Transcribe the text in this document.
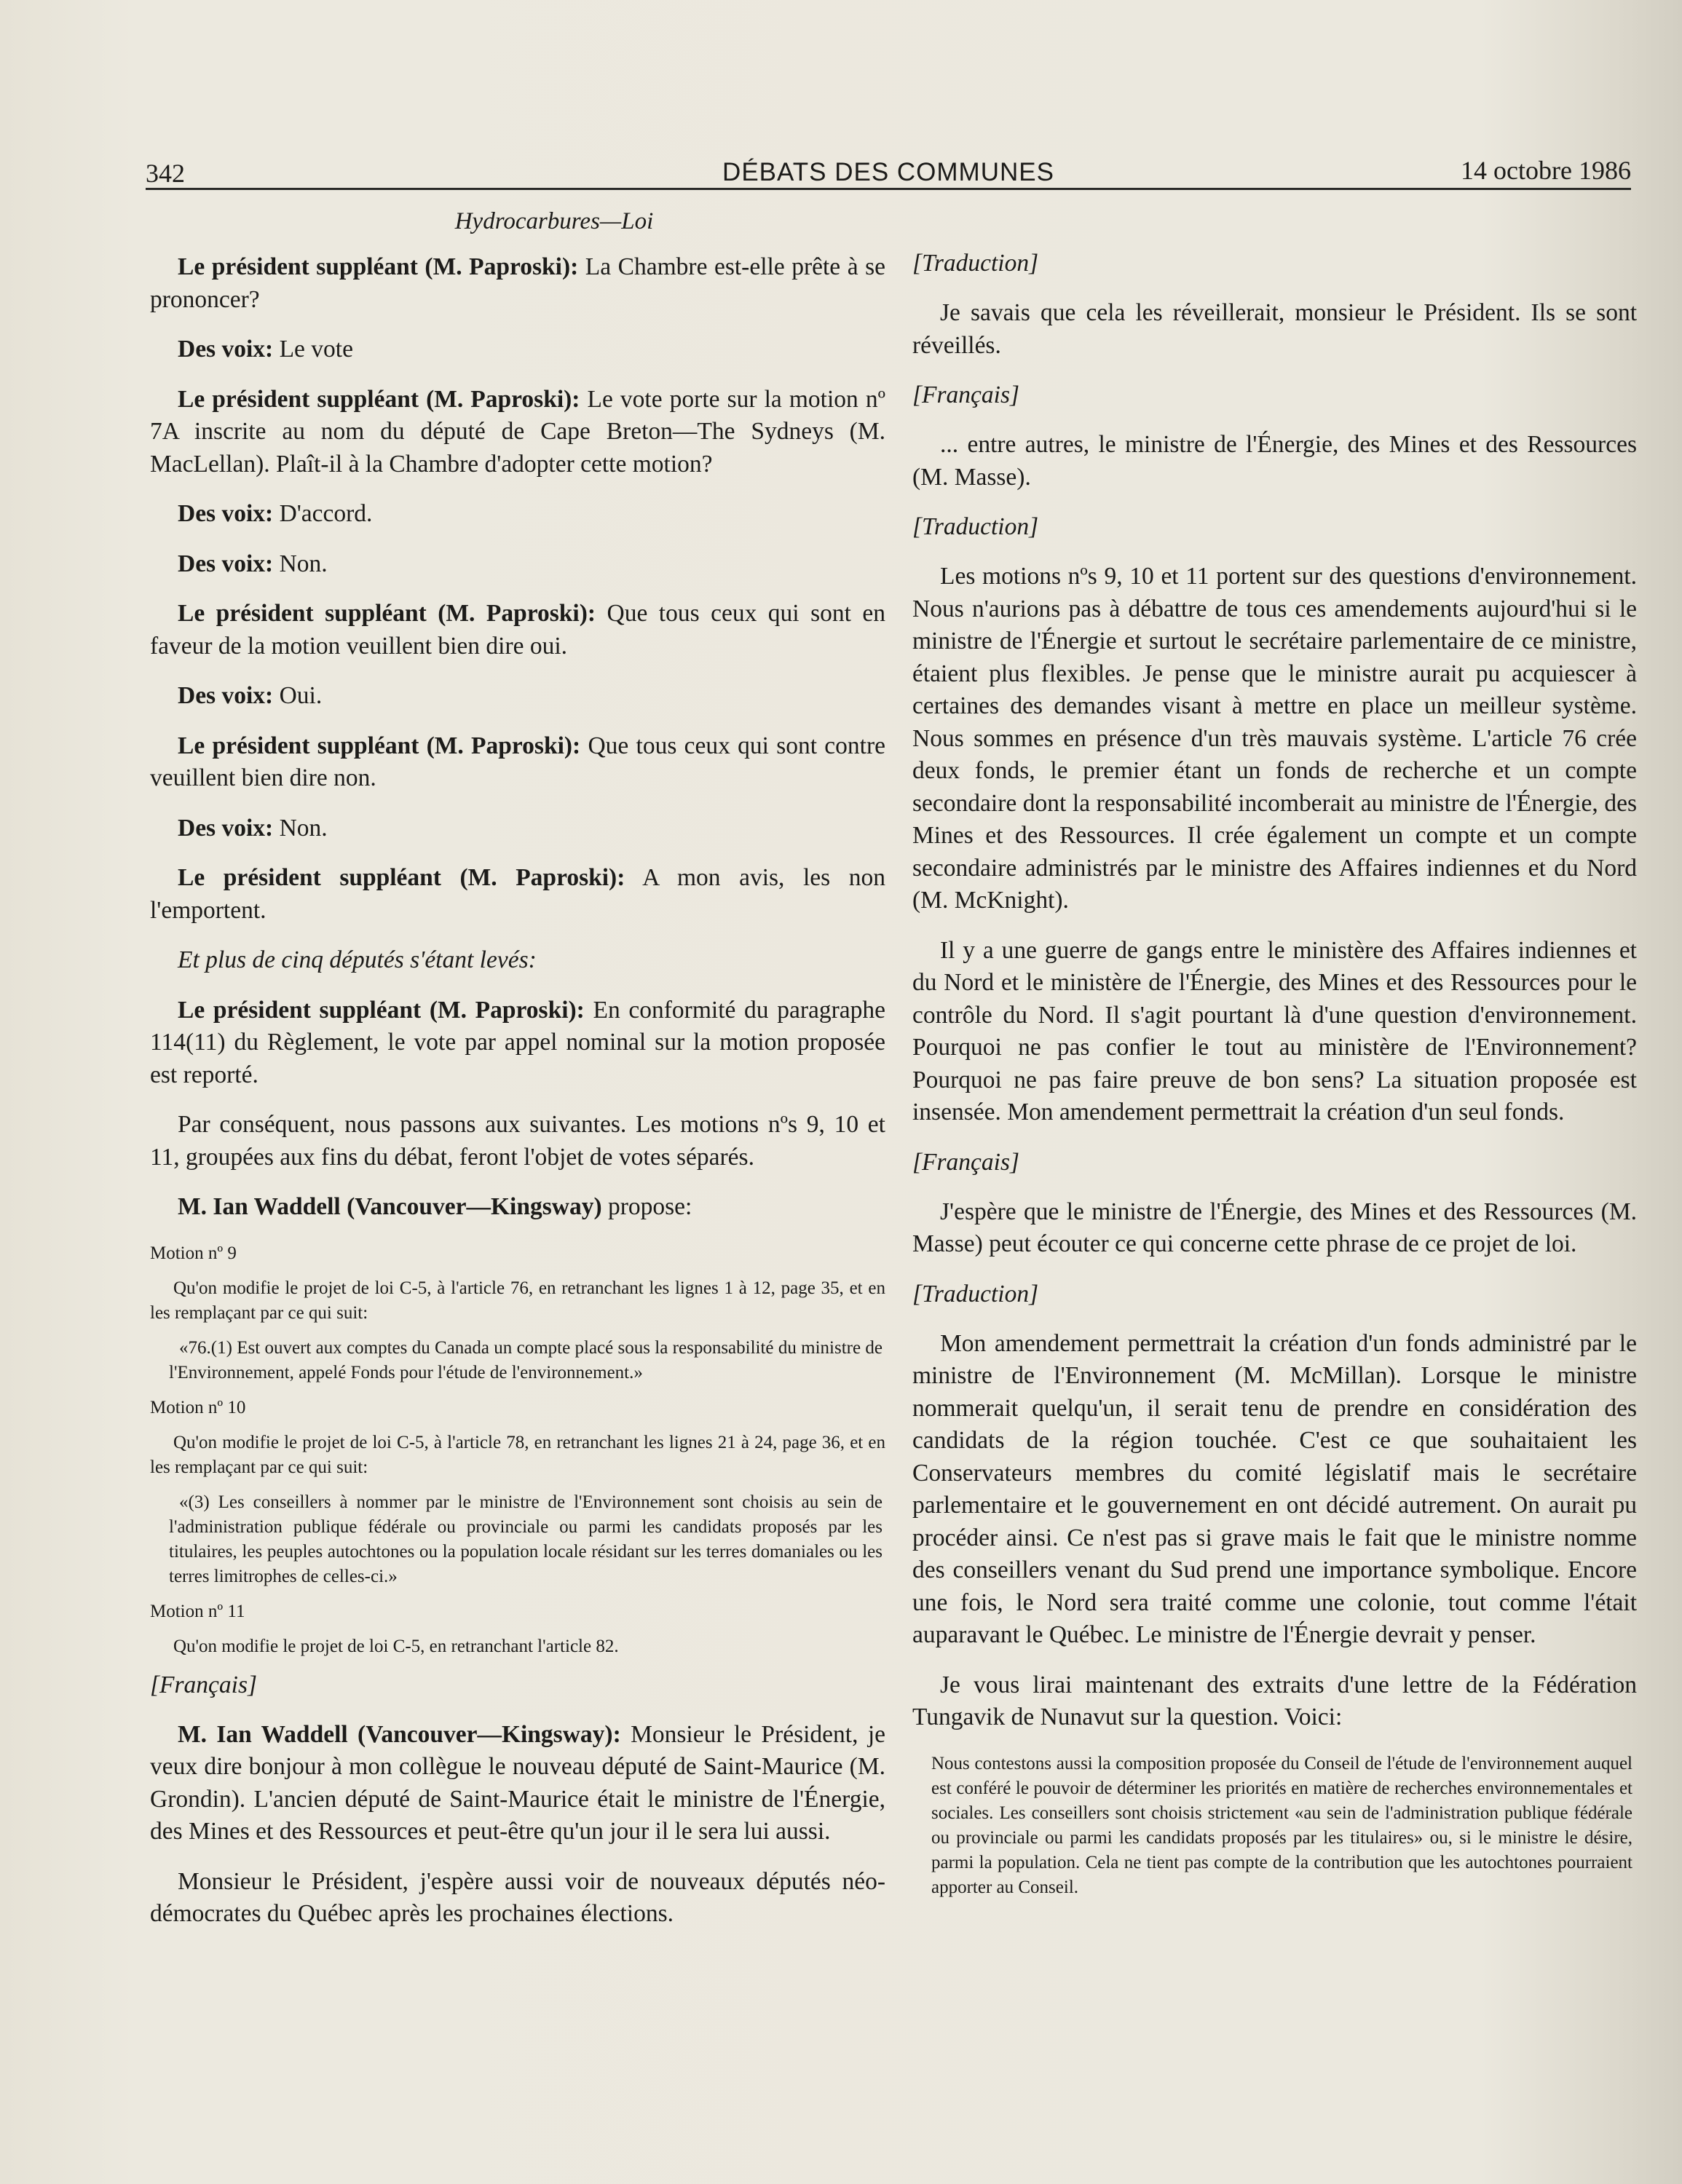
342	DÉBATS DES COMMUNES	14 octobre 1986
Hydrocarbures—Loi

Le président suppléant (M. Paproski): La Chambre est-elle prête à se prononcer?

Des voix: Le vote

Le président suppléant (M. Paproski): Le vote porte sur la motion nº 7A inscrite au nom du député de Cape Breton—The Sydneys (M. MacLellan). Plaît-il à la Chambre d'adopter cette motion?

Des voix: D'accord.

Des voix: Non.

Le président suppléant (M. Paproski): Que tous ceux qui sont en faveur de la motion veuillent bien dire oui.

Des voix: Oui.

Le président suppléant (M. Paproski): Que tous ceux qui sont contre veuillent bien dire non.

Des voix: Non.

Le président suppléant (M. Paproski): A mon avis, les non l'emportent.

Et plus de cinq députés s'étant levés:

Le président suppléant (M. Paproski): En conformité du paragraphe 114(11) du Règlement, le vote par appel nominal sur la motion proposée est reporté.

Par conséquent, nous passons aux suivantes. Les motions nºs 9, 10 et 11, groupées aux fins du débat, feront l'objet de votes séparés.

M. Ian Waddell (Vancouver—Kingsway) propose:

Motion nº 9

Qu'on modifie le projet de loi C-5, à l'article 76, en retranchant les lignes 1 à 12, page 35, et en les remplaçant par ce qui suit:

«76.(1) Est ouvert aux comptes du Canada un compte placé sous la responsabilité du ministre de l'Environnement, appelé Fonds pour l'étude de l'environnement.»

Motion nº 10

Qu'on modifie le projet de loi C-5, à l'article 78, en retranchant les lignes 21 à 24, page 36, et en les remplaçant par ce qui suit:

«(3) Les conseillers à nommer par le ministre de l'Environnement sont choisis au sein de l'administration publique fédérale ou provinciale ou parmi les candidats proposés par les titulaires, les peuples autochtones ou la population locale résidant sur les terres domaniales ou les terres limitrophes de celles-ci.»

Motion nº 11

Qu'on modifie le projet de loi C-5, en retranchant l'article 82.

[Français]

M. Ian Waddell (Vancouver—Kingsway): Monsieur le Président, je veux dire bonjour à mon collègue le nouveau député de Saint-Maurice (M. Grondin). L'ancien député de Saint-Maurice était le ministre de l'Énergie, des Mines et des Ressources et peut-être qu'un jour il le sera lui aussi.

Monsieur le Président, j'espère aussi voir de nouveaux députés néo-démocrates du Québec après les prochaines élections.

[Traduction]

Je savais que cela les réveillerait, monsieur le Président. Ils se sont réveillés.

[Français]

... entre autres, le ministre de l'Énergie, des Mines et des Ressources (M. Masse).

[Traduction]

Les motions nºs 9, 10 et 11 portent sur des questions d'environnement. Nous n'aurions pas à débattre de tous ces amendements aujourd'hui si le ministre de l'Énergie et surtout le secrétaire parlementaire de ce ministre, étaient plus flexibles. Je pense que le ministre aurait pu acquiescer à certaines des demandes visant à mettre en place un meilleur système. Nous sommes en présence d'un très mauvais système. L'article 76 crée deux fonds, le premier étant un fonds de recherche et un compte secondaire dont la responsabilité incomberait au ministre de l'Énergie, des Mines et des Ressources. Il crée également un compte et un compte secondaire administrés par le ministre des Affaires indiennes et du Nord (M. McKnight).

Il y a une guerre de gangs entre le ministère des Affaires indiennes et du Nord et le ministère de l'Énergie, des Mines et des Ressources pour le contrôle du Nord. Il s'agit pourtant là d'une question d'environnement. Pourquoi ne pas confier le tout au ministère de l'Environnement? Pourquoi ne pas faire preuve de bon sens? La situation proposée est insensée. Mon amendement permettrait la création d'un seul fonds.

[Français]

J'espère que le ministre de l'Énergie, des Mines et des Ressources (M. Masse) peut écouter ce qui concerne cette phrase de ce projet de loi.

[Traduction]

Mon amendement permettrait la création d'un fonds administré par le ministre de l'Environnement (M. McMillan). Lorsque le ministre nommerait quelqu'un, il serait tenu de prendre en considération des candidats de la région touchée. C'est ce que souhaitaient les Conservateurs membres du comité législatif mais le secrétaire parlementaire et le gouvernement en ont décidé autrement. On aurait pu procéder ainsi. Ce n'est pas si grave mais le fait que le ministre nomme des conseillers venant du Sud prend une importance symbolique. Encore une fois, le Nord sera traité comme une colonie, tout comme l'était auparavant le Québec. Le ministre de l'Énergie devrait y penser.

Je vous lirai maintenant des extraits d'une lettre de la Fédération Tungavik de Nunavut sur la question. Voici:

Nous contestons aussi la composition proposée du Conseil de l'étude de l'environnement auquel est conféré le pouvoir de déterminer les priorités en matière de recherches environnementales et sociales. Les conseillers sont choisis strictement «au sein de l'administration publique fédérale ou provinciale ou parmi les candidats proposés par les titulaires» ou, si le ministre le désire, parmi la population. Cela ne tient pas compte de la contribution que les autochtones pourraient apporter au Conseil.
